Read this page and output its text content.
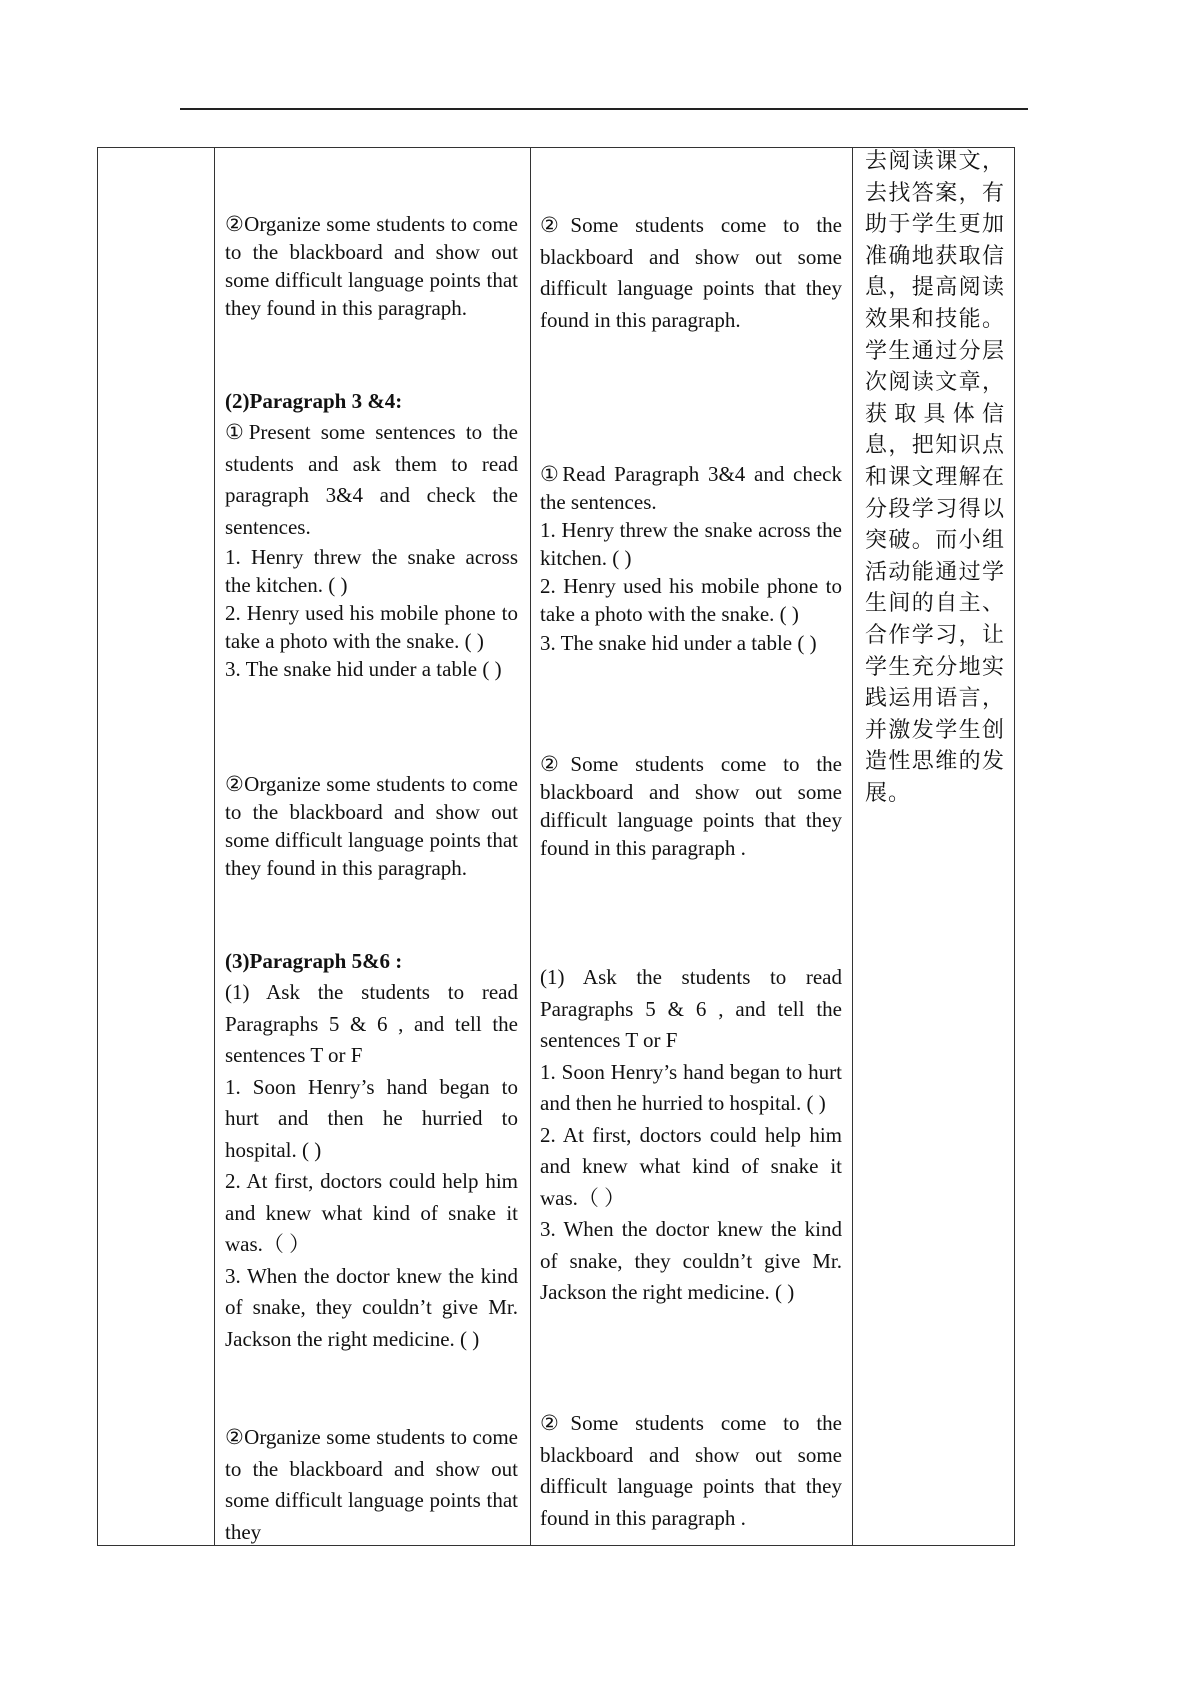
②Organize some students to come to the blackboard and show out some difficult language points that they found in this paragraph.

(2)Paragraph 3 &4:

①Present some sentences to the students and ask them to read paragraph 3&4 and check the sentences.

1. Henry threw the snake across the kitchen. ( )

2. Henry used his mobile phone to take a photo with the snake. ( )

3. The snake hid under a table ( )

②Organize some students to come to the blackboard and show out some difficult language points that they found in this paragraph.

(3)Paragraph 5&6 :

(1) Ask the students to read Paragraphs 5 & 6 , and tell the sentences T or F

1. Soon Henry’s hand began to hurt and then he hurried to hospital. ( )

2. At first, doctors could help him and knew what kind of snake it was.（ ）

3. When the doctor knew the kind of snake, they couldn’t give Mr. Jackson the right medicine. ( )

②Organize some students to come to the blackboard and show out some difficult language points that they

②Some students come to the blackboard and show out some difficult language points that they found in this paragraph.

①Read Paragraph 3&4 and check the sentences.

1. Henry threw the snake across the kitchen. ( )

2. Henry used his mobile phone to take a photo with the snake. ( )

3. The snake hid under a table ( )

②Some students come to the blackboard and show out some difficult language points that they found in this paragraph .

(1) Ask the students to read Paragraphs 5 & 6 , and tell the sentences T or F

1. Soon Henry’s hand began to hurt and then he hurried to hospital. ( )

2. At first, doctors could help him and knew what kind of snake it was.（ ）

3. When the doctor knew the kind of snake, they couldn’t give Mr. Jackson the right medicine. ( )

②Some students come to the blackboard and show out some difficult language points that they found in this paragraph .

去阅读课文，去找答案，有助于学生更加准确地获取信息，提高阅读效果和技能。学生通过分层次阅读文章，获取具体信息，把知识点和课文理解在分段学习得以突破。而小组活动能通过学生间的自主、合作学习，让学生充分地实践运用语言，并激发学生创造性思维的发展。
